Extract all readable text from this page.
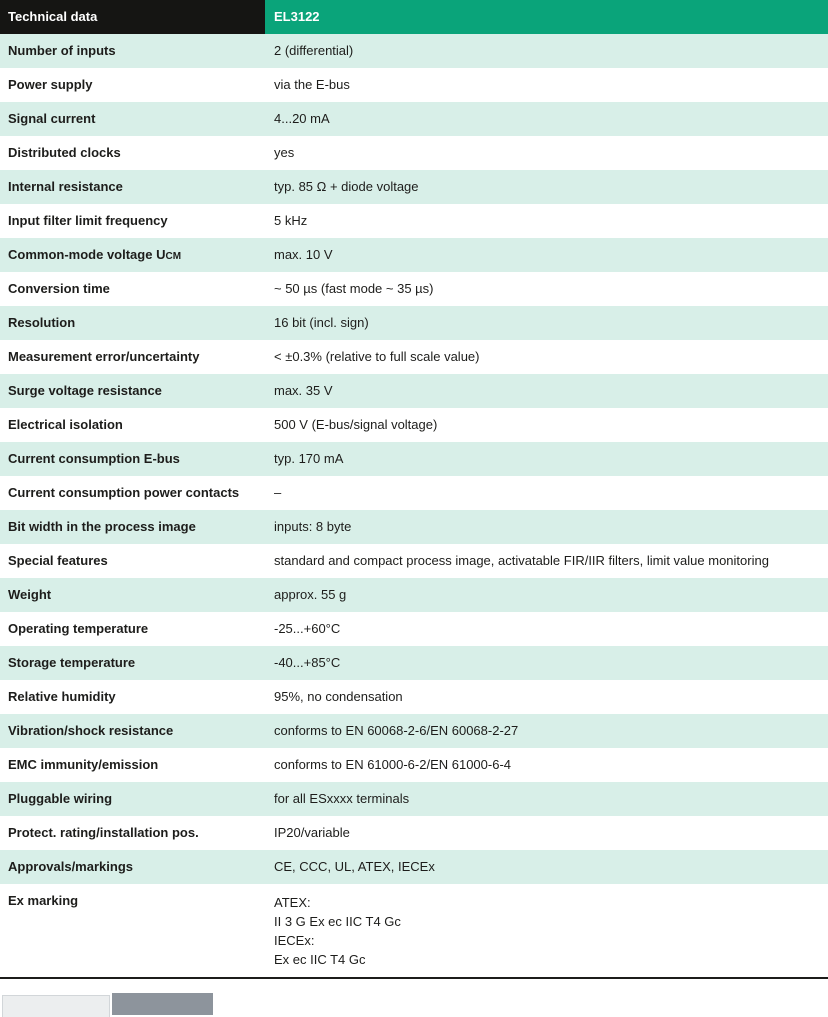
Technical data	EL3122
Number of inputs	2 (differential)
Power supply	via the E-bus
Signal current	4...20 mA
Distributed clocks	yes
Internal resistance	typ. 85 Ω + diode voltage
Input filter limit frequency	5 kHz
Common-mode voltage UCM	max. 10 V
Conversion time	~ 50 µs (fast mode ~ 35 µs)
Resolution	16 bit (incl. sign)
Measurement error/uncertainty	< ±0.3% (relative to full scale value)
Surge voltage resistance	max. 35 V
Electrical isolation	500 V (E-bus/signal voltage)
Current consumption E-bus	typ. 170 mA
Current consumption power contacts	–
Bit width in the process image	inputs: 8 byte
Special features	standard and compact process image, activatable FIR/IIR filters, limit value monitoring
Weight	approx. 55 g
Operating temperature	-25...+60°C
Storage temperature	-40...+85°C
Relative humidity	95%, no condensation
Vibration/shock resistance	conforms to EN 60068-2-6/EN 60068-2-27
EMC immunity/emission	conforms to EN 61000-6-2/EN 61000-6-4
Pluggable wiring	for all ESxxxx terminals
Protect. rating/installation pos.	IP20/variable
Approvals/markings	CE, CCC, UL, ATEX, IECEx
Ex marking	ATEX:
II 3 G Ex ec IIC T4 Gc
IECEx:
Ex ec IIC T4 Gc
